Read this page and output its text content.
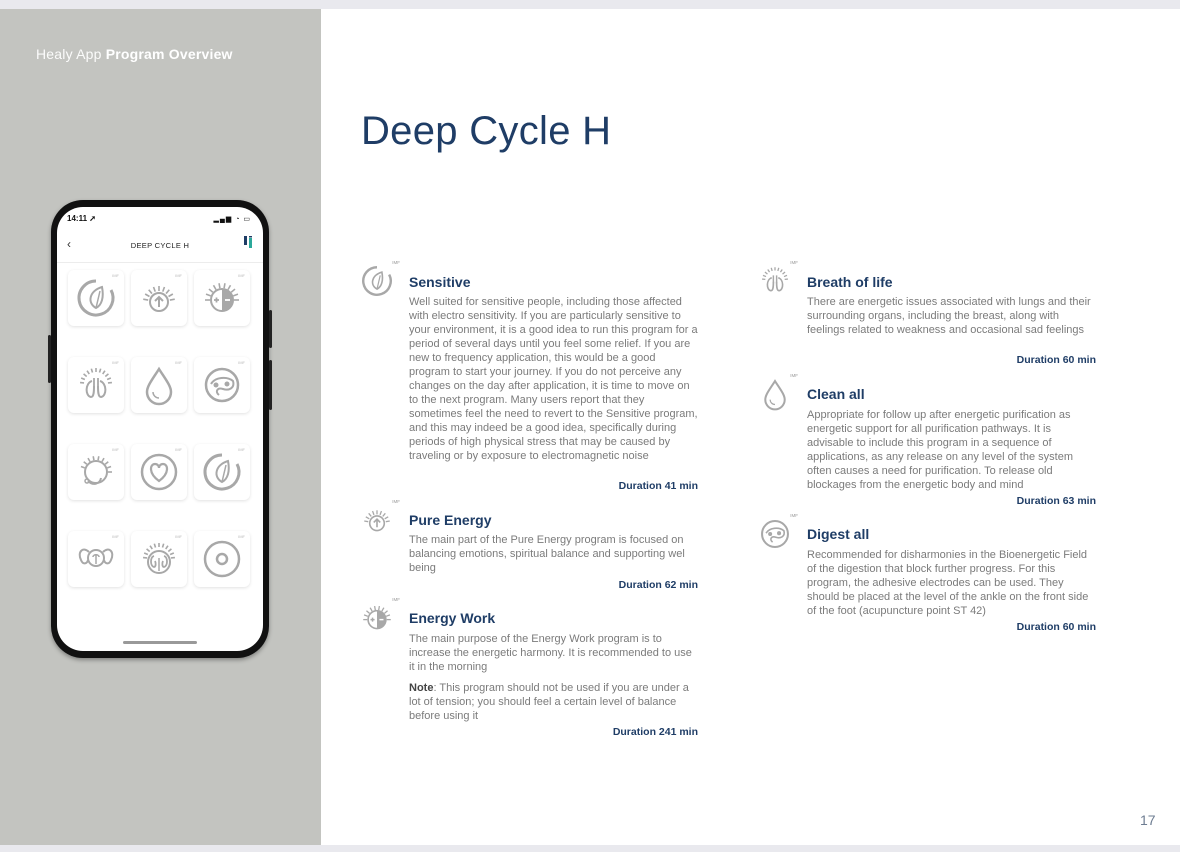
Healy App Program Overview
14:11 ➚	▂▄▆ ◔ ▭
‹	DEEP CYCLE H
IMF	IMF	IMF
IMF	IMF	IMF
IMF	IMF	IMF
IMF	IMF	IMF
Deep Cycle H
IMF
Sensitive
Well suited for sensitive people, including those affected with electro sensitivity. If you are particularly sensitive to your environment, it is a good idea to run this program for a period of several days until you feel some relief. If you are new to frequency application, this would be a good program to start your journey. If you do not perceive any changes on the day after application, it is time to move on to the next program. Many users report that they sometimes feel the need to revert to the Sensitive program, and this may indeed be a good idea, specifically during periods of high physical stress that may be caused by traveling or by exposure to electromagnetic noise
Duration 41 min
IMF
Pure Energy
The main part of the Pure Energy program is focused on balancing emotions, spiritual balance and supporting wel being
Duration 62 min
IMF
Energy Work
The main purpose of the Energy Work program is to increase the energetic harmony. It is recommended to use it in the morning
Note: This program should not be used if you are under a lot of tension; you should feel a certain level of balance before using it
Duration 241 min
IMF
Breath of life
There are energetic issues associated with lungs and their surrounding organs, including the breast, along with feelings related to weakness and occasional sad feelings
Duration 60 min
IMF
Clean all
Appropriate for follow up after energetic purification as energetic support for all purification pathways. It is advisable to include this program in a sequence of applications, as any release on any level of the system often causes a need for purification. To release old blockages from the energetic body and mind
Duration 63 min
IMF
Digest all
Recommended for disharmonies in the Bioenergetic Field of the digestion that block further progress. For this program, the adhesive electrodes can be used. They should be placed at the level of the ankle on the front side of the foot (acupuncture point ST 42)
Duration 60 min
17
